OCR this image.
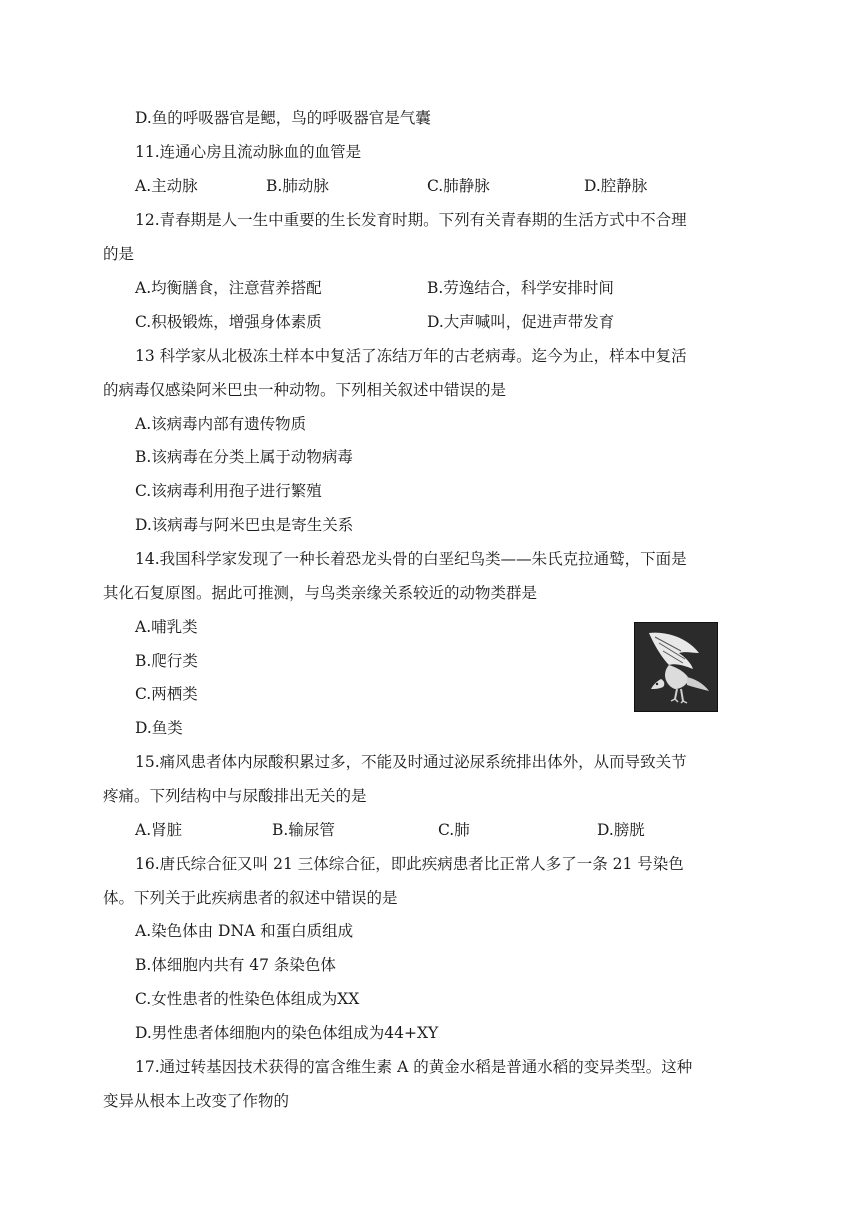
D.鱼的呼吸器官是鳃，鸟的呼吸器官是气囊

11.连通心房且流动脉血的血管是

A.主动脉	B.肺动脉	C.肺静脉	D.腔静脉

12.青春期是人一生中重要的生长发育时期。下列有关青春期的生活方式中不合理

的是

A.均衡膳食，注意营养搭配	B.劳逸结合，科学安排时间
C.积极锻炼，增强身体素质	D.大声喊叫，促进声带发育

13 科学家从北极冻土样本中复活了冻结万年的古老病毒。迄今为止，样本中复活

的病毒仅感染阿米巴虫一种动物。下列相关叙述中错误的是

A.该病毒内部有遗传物质

B.该病毒在分类上属于动物病毒

C.该病毒利用孢子进行繁殖

D.该病毒与阿米巴虫是寄生关系

14.我国科学家发现了一种长着恐龙头骨的白垩纪鸟类——朱氏克拉通鹫，下面是

其化石复原图。据此可推测，与鸟类亲缘关系较近的动物类群是

A.哺乳类

B.爬行类

C.两栖类

D.鱼类

15.痛风患者体内尿酸积累过多，不能及时通过泌尿系统排出体外，从而导致关节

疼痛。下列结构中与尿酸排出无关的是

A.肾脏	B.输尿管	C.肺	D.膀胱

16.唐氏综合征又叫 21 三体综合征，即此疾病患者比正常人多了一条 21 号染色

体。下列关于此疾病患者的叙述中错误的是

A.染色体由 DNA 和蛋白质组成

B.体细胞内共有 47 条染色体

C.女性患者的性染色体组成为XX

D.男性患者体细胞内的染色体组成为44+XY

17.通过转基因技术获得的富含维生素 A 的黄金水稻是普通水稻的变异类型。这种

变异从根本上改变了作物的
